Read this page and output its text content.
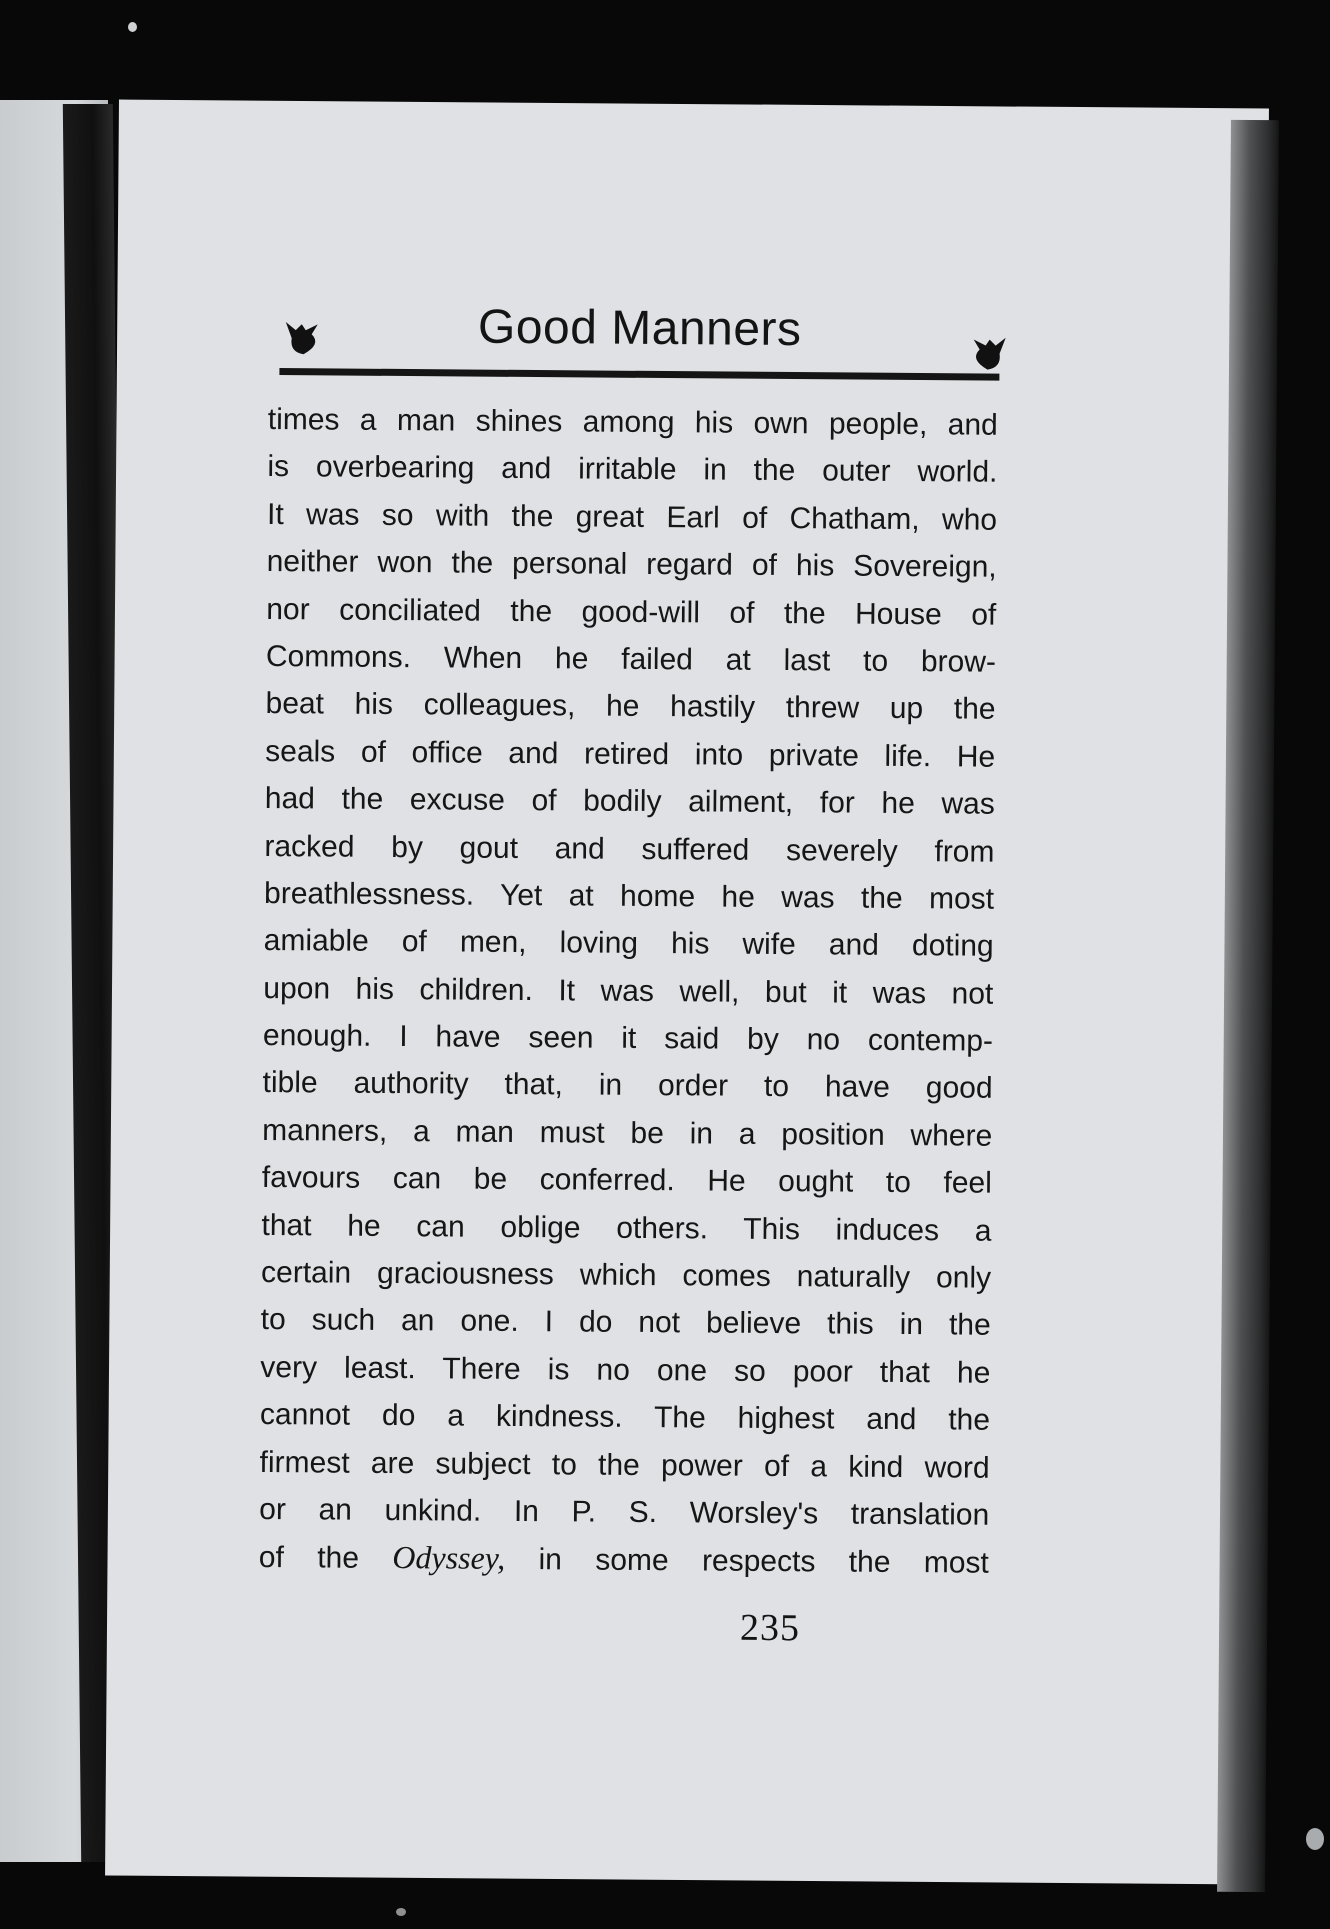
Good Manners
times a man shines among his own people, and
is overbearing and irritable in the outer world.
It was so with the great Earl of Chatham, who
neither won the personal regard of his Sovereign,
nor conciliated the good-will of the House of
Commons. When he failed at last to brow-
beat his colleagues, he hastily threw up the
seals of office and retired into private life. He
had the excuse of bodily ailment, for he was
racked by gout and suffered severely from
breathlessness. Yet at home he was the most
amiable of men, loving his wife and doting
upon his children. It was well, but it was not
enough. I have seen it said by no contemp-
tible authority that, in order to have good
manners, a man must be in a position where
favours can be conferred. He ought to feel
that he can oblige others. This induces a
certain graciousness which comes naturally only
to such an one. I do not believe this in the
very least. There is no one so poor that he
cannot do a kindness. The highest and the
firmest are subject to the power of a kind word
or an unkind. In P. S. Worsley's translation
of the Odyssey, in some respects the most
235
